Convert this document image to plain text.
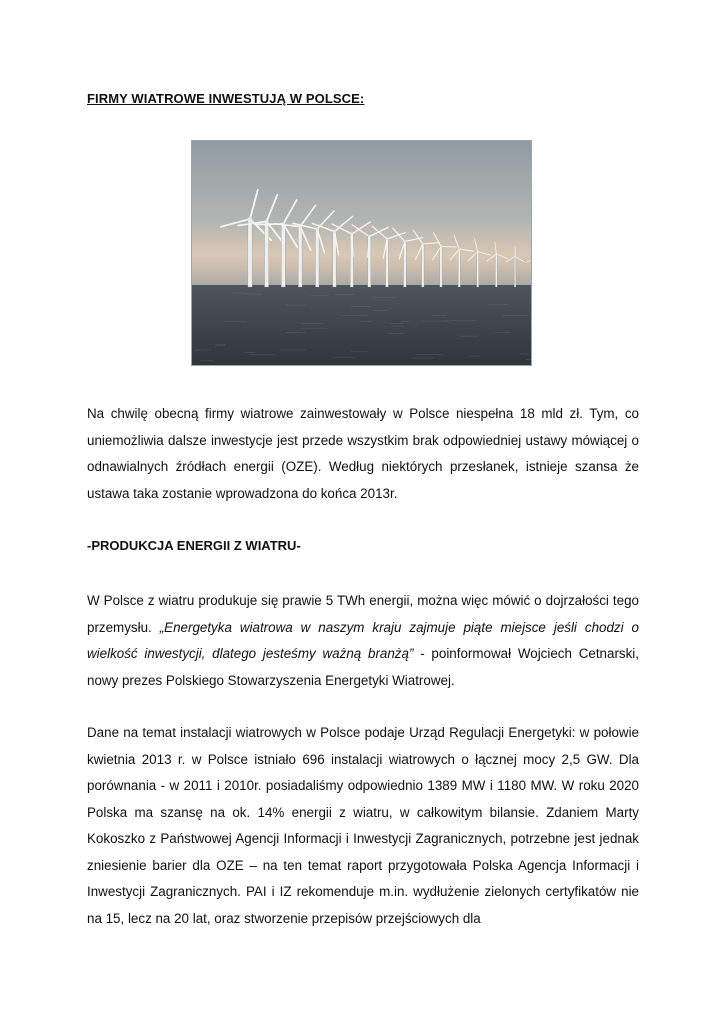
FIRMY WIATROWE INWESTUJĄ W POLSCE:
Na chwilę obecną firmy wiatrowe zainwestowały w Polsce niespełna 18 mld zł. Tym, co uniemożliwia dalsze inwestycje jest przede wszystkim brak odpowiedniej ustawy mówiącej o odnawialnych źródłach energii (OZE). Według niektórych przesłanek, istnieje szansa że ustawa taka zostanie wprowadzona do końca 2013r.
-PRODUKCJA ENERGII Z WIATRU-
W Polsce z wiatru produkuje się prawie 5 TWh energii, można więc mówić o dojrzałości tego przemysłu. „Energetyka wiatrowa w naszym kraju zajmuje piąte miejsce jeśli chodzi o wielkość inwestycji, dlatego jesteśmy ważną branżą” - poinformował Wojciech Cetnarski, nowy prezes Polskiego Stowarzyszenia Energetyki Wiatrowej.
Dane na temat instalacji wiatrowych w Polsce podaje Urząd Regulacji Energetyki: w połowie kwietnia 2013 r. w Polsce istniało 696 instalacji wiatrowych o łącznej mocy 2,5 GW. Dla porównania - w 2011 i 2010r. posiadaliśmy odpowiednio 1389 MW i 1180 MW. W roku 2020 Polska ma szansę na ok. 14% energii z wiatru, w całkowitym bilansie. Zdaniem Marty Kokoszko z Państwowej Agencji Informacji i Inwestycji Zagranicznych, potrzebne jest jednak zniesienie barier dla OZE – na ten temat raport przygotowała Polska Agencja Informacji i Inwestycji Zagranicznych. PAI i IZ rekomenduje m.in. wydłużenie zielonych certyfikatów nie na 15, lecz na 20 lat, oraz stworzenie przepisów przejściowych dla
